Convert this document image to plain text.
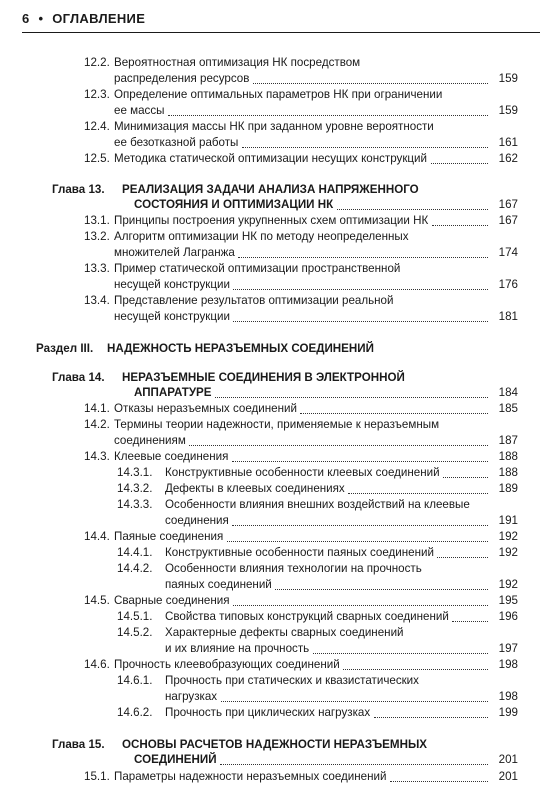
6 • ОГЛАВЛЕНИЕ
12.2. Вероятностная оптимизация НК посредством
распределения ресурсов	159
12.3. Определение оптимальных параметров НК при ограничении
ее массы	159
12.4. Минимизация массы НК при заданном уровне вероятности
ее безотказной работы	161
12.5. Методика статической оптимизации несущих конструкций	162
Глава 13. РЕАЛИЗАЦИЯ ЗАДАЧИ АНАЛИЗА НАПРЯЖЕННОГО
СОСТОЯНИЯ И ОПТИМИЗАЦИИ НК	167
13.1. Принципы построения укрупненных схем оптимизации НК	167
13.2. Алгоритм оптимизации НК по методу неопределенных
множителей Лагранжа	174
13.3. Пример статической оптимизации пространственной
несущей конструкции	176
13.4. Представление результатов оптимизации реальной
несущей конструкции	181
Раздел III. НАДЕЖНОСТЬ НЕРАЗЪЕМНЫХ СОЕДИНЕНИЙ
Глава 14. НЕРАЗЪЕМНЫЕ СОЕДИНЕНИЯ В ЭЛЕКТРОННОЙ
АППАРАТУРЕ	184
14.1. Отказы неразъемных соединений	185
14.2. Термины теории надежности, применяемые к неразъемным
соединениям	187
14.3. Клеевые соединения	188
14.3.1. Конструктивные особенности клеевых соединений	188
14.3.2. Дефекты в клеевых соединениях	189
14.3.3. Особенности влияния внешних воздействий на клеевые
соединения	191
14.4. Паяные соединения	192
14.4.1. Конструктивные особенности паяных соединений	192
14.4.2. Особенности влияния технологии на прочность
паяных соединений	192
14.5. Сварные соединения	195
14.5.1. Свойства типовых конструкций сварных соединений	196
14.5.2. Характерные дефекты сварных соединений
и их влияние на прочность	197
14.6. Прочность клеевобразующих соединений	198
14.6.1. Прочность при статических и квазистатических
нагрузках	198
14.6.2. Прочность при циклических нагрузках	199
Глава 15. ОСНОВЫ РАСЧЕТОВ НАДЕЖНОСТИ НЕРАЗЪЕМНЫХ
СОЕДИНЕНИЙ	201
15.1. Параметры надежности неразъемных соединений	201
